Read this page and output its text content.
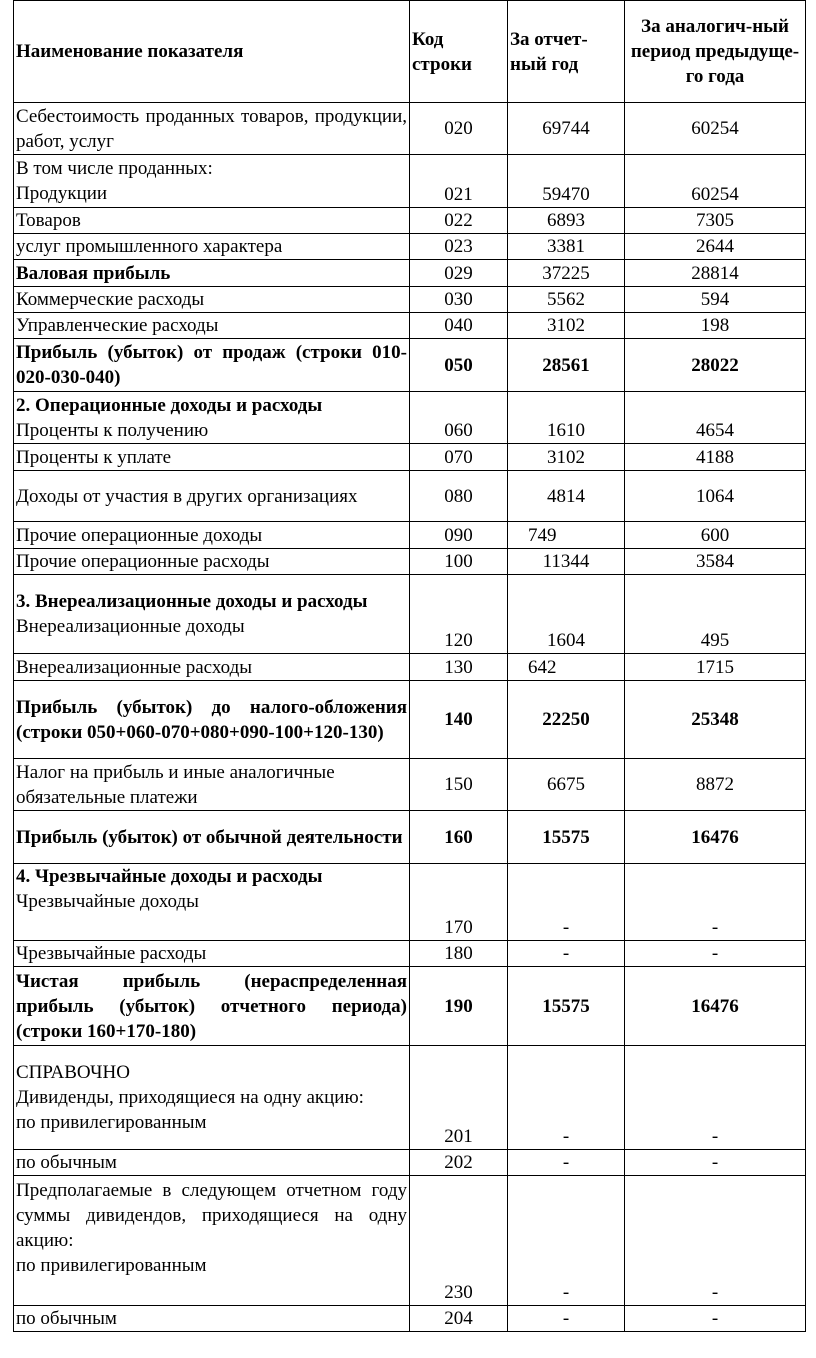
Наименование показателя	Код строки	За отчет-ный год	За аналогич-ный период предыдуще-го года
Себестоимость проданных товаров, продукции, работ, услуг	020	69744	60254

В том числе проданных:
Продукции	021	59470	60254
Товаров	022	6893	7305
услуг промышленного характера	023	3381	2644
Валовая прибыль	029	37225	28814
Коммерческие расходы	030	5562	594
Управленческие расходы	040	3102	198
Прибыль (убыток) от продаж (строки 010-020-030-040)	050	28561	28022

2. Операционные доходы и расходы
Проценты к получению	060	1610	4654
Проценты к уплате	070	3102	4188
Доходы от участия в других организациях	080	4814	1064
Прочие операционные доходы	090	749	600
Прочие операционные расходы	100	11344	3584

3. Внереализационные доходы и расходы
Внереализационные доходы	120	1604	495
Внереализационные расходы	130	642	1715
Прибыль (убыток) до налого-обложения (строки 050+060-070+080+090-100+120-130)	140	22250	25348
Налог на прибыль и иные аналогичные обязательные платежи	150	6675	8872
Прибыль (убыток) от обычной деятельности	160	15575	16476

4. Чрезвычайные доходы и расходы
Чрезвычайные доходы	170	-	-
Чрезвычайные расходы	180	-	-
Чистая прибыль (нераспределенная прибыль (убыток) отчетного периода) (строки 160+170-180)	190	15575	16476

СПРАВОЧНО
Дивиденды, приходящиеся на одну акцию:
по привилегированным	201	-	-
по обычным	202	-	-

Предполагаемые в следующем отчетном году суммы дивидендов, приходящиеся на одну акцию:
по привилегированным	230	-	-
по обычным	204	-	-
